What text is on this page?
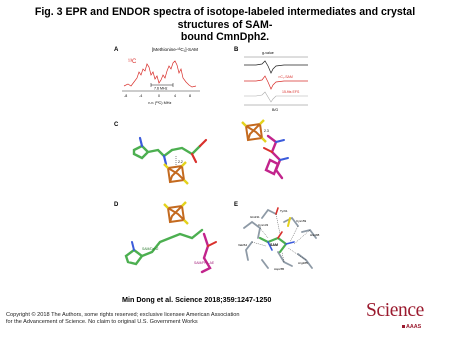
Fig. 3 EPR and ENDOR spectra of isotope-labeled intermediates and crystal structures of SAM-
bound CmnDph2.
A	[Methionine-¹³C₁]-SAM
¹³C
7.6 MHz
-8	-4	0	4	8
ν-νₗ (¹³C) MHz
B	g-value
¹³C₁-SAM
15-fits EFS
B/G
C
2.2
2.3
D
SAM/Dph2
SAM/PFL-AE
E
SAM
Tyr91
Gln231
Cys133
Cys159
Val264
His188
Arg285
Asp285
Min Dong et al. Science 2018;359:1247-1250
Copyright © 2018 The Authors, some rights reserved; exclusive licensee American Association
for the Advancement of Science. No claim to original U.S. Government Works
Science
AAAS
